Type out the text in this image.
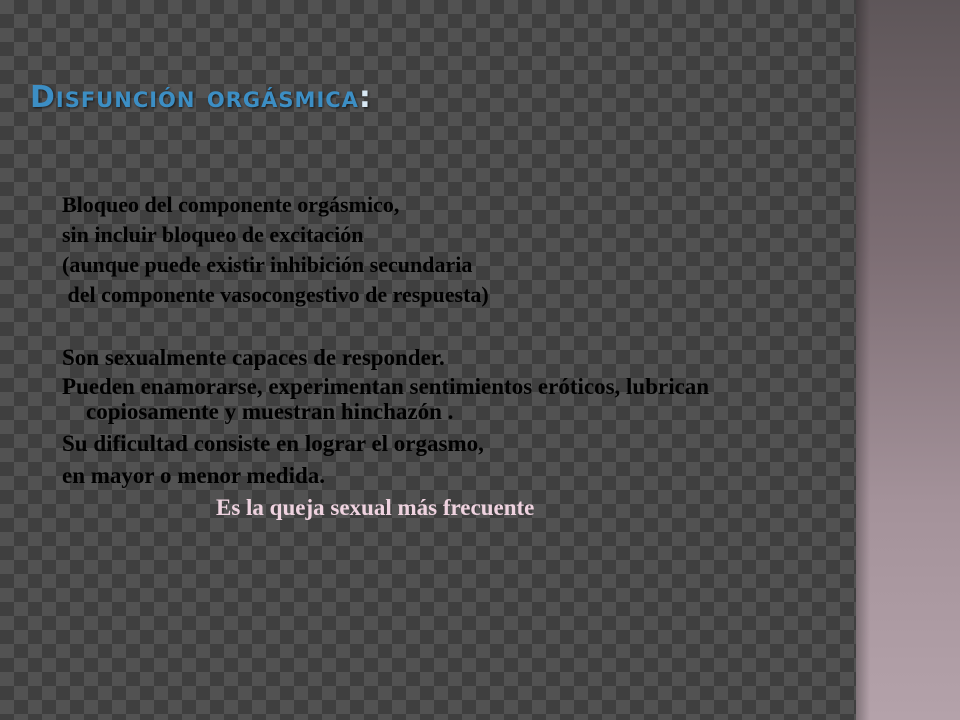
Disfunción orgásmica:
Bloqueo del componente orgásmico,
sin incluir bloqueo de excitación
(aunque puede existir inhibición secundaria
del componente vasocongestivo de respuesta)
Son sexualmente capaces de responder.
Pueden enamorarse, experimentan sentimientos eróticos, lubrican copiosamente y muestran hinchazón .
Su dificultad consiste en lograr el orgasmo,
en mayor o menor medida.
Es la queja sexual más frecuente
